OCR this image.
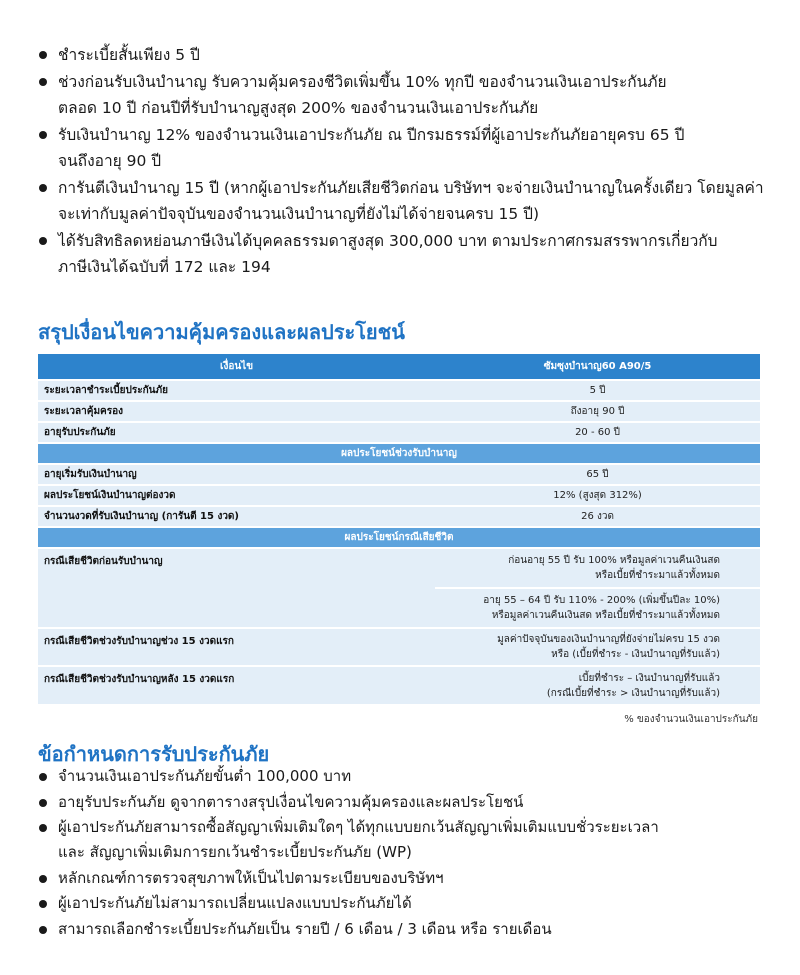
ชำระเบี้ยสั้นเพียง 5 ปี
ช่วงก่อนรับเงินบำนาญ รับความคุ้มครองชีวิตเพิ่มขึ้น 10% ทุกปี ของจำนวนเงินเอาประกันภัย
ตลอด 10 ปี ก่อนปีที่รับบำนาญสูงสุด 200% ของจำนวนเงินเอาประกันภัย
รับเงินบำนาญ 12% ของจำนวนเงินเอาประกันภัย ณ ปีกรมธรรม์ที่ผู้เอาประกันภัยอายุครบ 65 ปี
จนถึงอายุ 90 ปี
การันตีเงินบำนาญ 15 ปี (หากผู้เอาประกันภัยเสียชีวิตก่อน บริษัทฯ จะจ่ายเงินบำนาญในครั้งเดียว โดยมูลค่า
จะเท่ากับมูลค่าปัจจุบันของจำนวนเงินบำนาญที่ยังไม่ได้จ่ายจนครบ 15 ปี)
ได้รับสิทธิลดหย่อนภาษีเงินได้บุคคลธรรมดาสูงสุด 300,000 บาท ตามประกาศกรมสรรพากรเกี่ยวกับ
ภาษีเงินได้ฉบับที่ 172 และ 194
สรุปเงื่อนไขความคุ้มครองและผลประโยชน์
เงื่อนไข	ซัมซุงบำนาญ60 A90/5
ระยะเวลาชำระเบี้ยประกันภัย	5 ปี
ระยะเวลาคุ้มครอง	ถึงอายุ 90 ปี
อายุรับประกันภัย	20 - 60 ปี
ผลประโยชน์ช่วงรับบำนาญ	
อายุเริ่มรับเงินบำนาญ	65 ปี
ผลประโยชน์เงินบำนาญต่องวด	12% (สูงสุด 312%)
จำนวนงวดที่รับเงินบำนาญ (การันตี 15 งวด)	26 งวด
ผลประโยชน์กรณีเสียชีวิต	
กรณีเสียชีวิตก่อนรับบำนาญ	ก่อนอายุ 55 ปี รับ 100% หรือมูลค่าเวนคืนเงินสด
หรือเบี้ยที่ชำระมาแล้วทั้งหมด

	อายุ 55 – 64 ปี รับ 110% - 200% (เพิ่มขึ้นปีละ 10%)
หรือมูลค่าเวนคืนเงินสด หรือเบี้ยที่ชำระมาแล้วทั้งหมด

กรณีเสียชีวิตช่วงรับบำนาญช่วง 15 งวดแรก	มูลค่าปัจจุบันของเงินบำนาญที่ยังจ่ายไม่ครบ 15 งวด
หรือ (เบี้ยที่ชำระ - เงินบำนาญที่รับแล้ว)

กรณีเสียชีวิตช่วงรับบำนาญหลัง 15 งวดแรก	เบี้ยที่ชำระ – เงินบำนาญที่รับแล้ว
(กรณีเบี้ยที่ชำระ > เงินบำนาญที่รับแล้ว)
% ของจำนวนเงินเอาประกันภัย
ข้อกำหนดการรับประกันภัย
จำนวนเงินเอาประกันภัยขั้นต่ำ 100,000 บาท
อายุรับประกันภัย ดูจากตารางสรุปเงื่อนไขความคุ้มครองและผลประโยชน์
ผู้เอาประกันภัยสามารถซื้อสัญญาเพิ่มเติมใดๆ ได้ทุกแบบยกเว้นสัญญาเพิ่มเติมแบบชั่วระยะเวลา
และ สัญญาเพิ่มเติมการยกเว้นชำระเบี้ยประกันภัย (WP)
หลักเกณฑ์การตรวจสุขภาพให้เป็นไปตามระเบียบของบริษัทฯ
ผู้เอาประกันภัยไม่สามารถเปลี่ยนแปลงแบบประกันภัยได้
สามารถเลือกชำระเบี้ยประกันภัยเป็น รายปี / 6 เดือน / 3 เดือน หรือ รายเดือน
